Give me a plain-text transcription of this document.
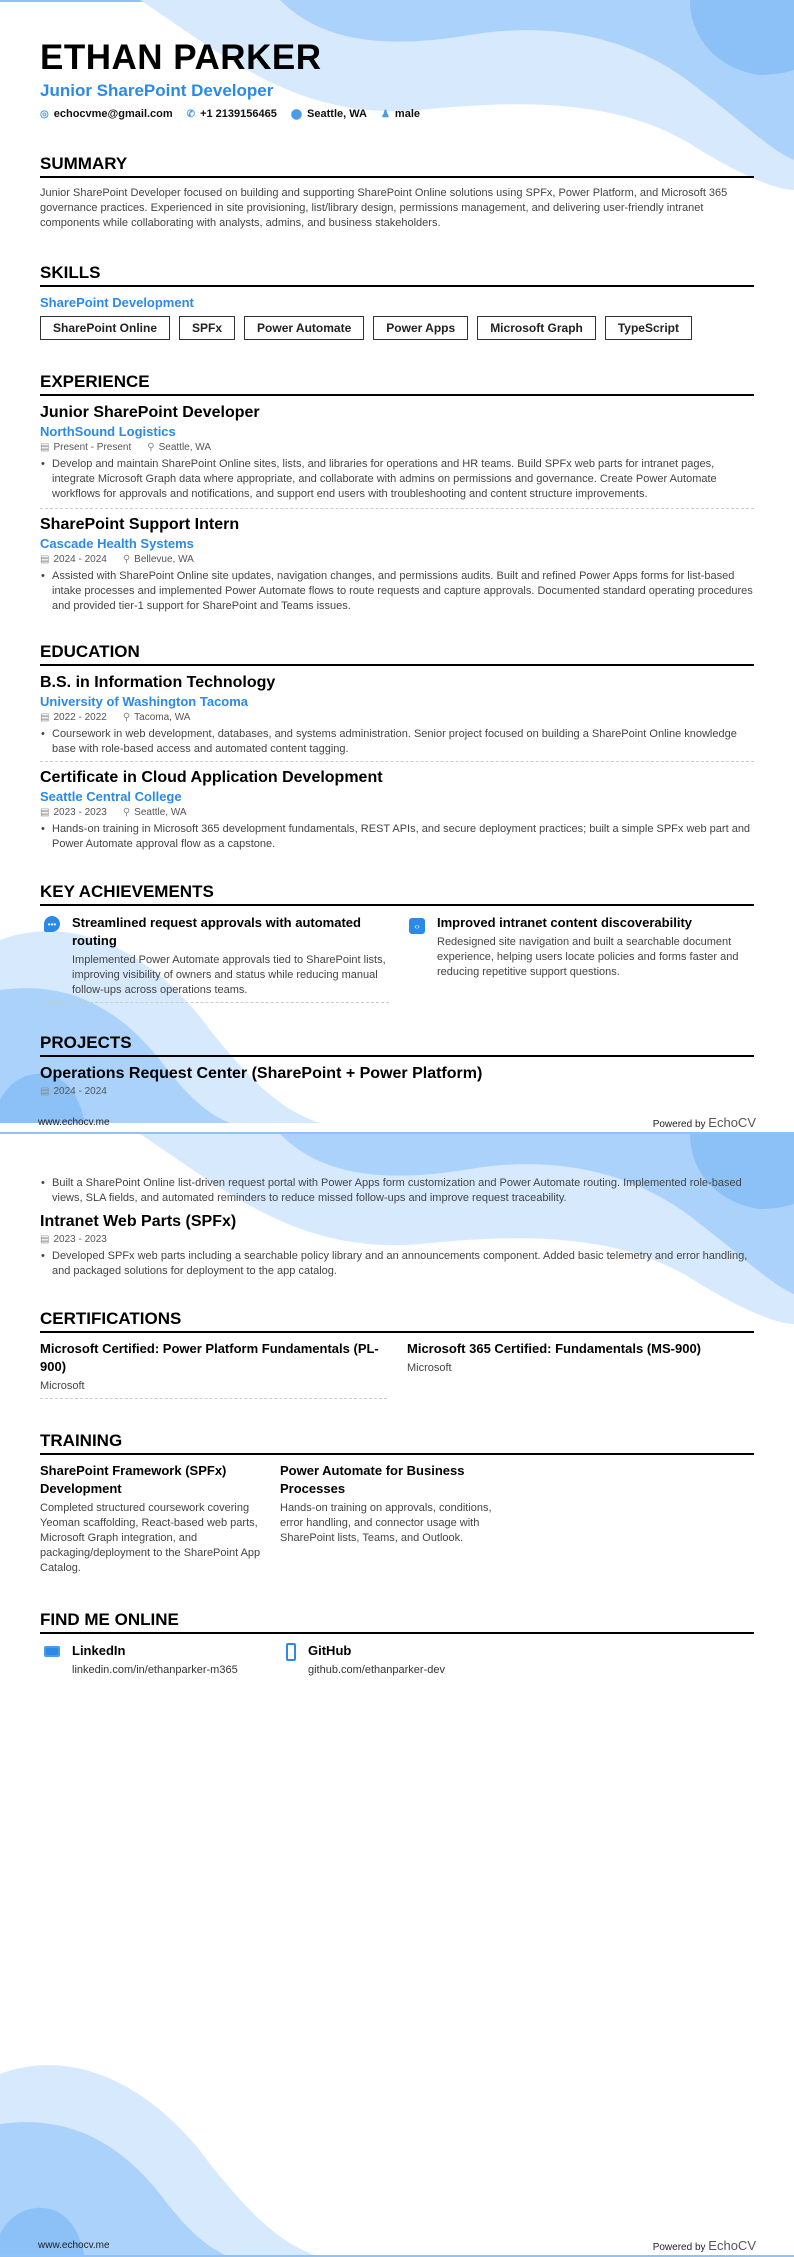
ETHAN PARKER
Junior SharePoint Developer
◎ echocvme@gmail.com ✆ +1 2139156465 ⬤ Seattle, WA ♟ male
SUMMARY
Junior SharePoint Developer focused on building and supporting SharePoint Online solutions using SPFx, Power Platform, and Microsoft 365 governance practices. Experienced in site provisioning, list/library design, permissions management, and delivering user-friendly intranet components while collaborating with analysts, admins, and business stakeholders.
SKILLS
SharePoint Development
SharePoint Online	SPFx	Power Automate	Power Apps	Microsoft Graph	TypeScript
EXPERIENCE
Junior SharePoint Developer
NorthSound Logistics
▤ Present - Present ⚲ Seattle, WA
• Develop and maintain SharePoint Online sites, lists, and libraries for operations and HR teams. Build SPFx web parts for intranet pages, integrate Microsoft Graph data where appropriate, and collaborate with admins on permissions and governance. Create Power Automate workflows for approvals and notifications, and support end users with troubleshooting and content structure improvements.
SharePoint Support Intern
Cascade Health Systems
▤ 2024 - 2024 ⚲ Bellevue, WA
• Assisted with SharePoint Online site updates, navigation changes, and permissions audits. Built and refined Power Apps forms for list-based intake processes and implemented Power Automate flows to route requests and capture approvals. Documented standard operating procedures and provided tier-1 support for SharePoint and Teams issues.
EDUCATION
B.S. in Information Technology
University of Washington Tacoma
▤ 2022 - 2022 ⚲ Tacoma, WA
• Coursework in web development, databases, and systems administration. Senior project focused on building a SharePoint Online knowledge base with role-based access and automated content tagging.
Certificate in Cloud Application Development
Seattle Central College
▤ 2023 - 2023 ⚲ Seattle, WA
• Hands-on training in Microsoft 365 development fundamentals, REST APIs, and secure deployment practices; built a simple SPFx web part and Power Automate approval flow as a capstone.
KEY ACHIEVEMENTS
••• Streamlined request approvals with automated routing
Implemented Power Automate approvals tied to SharePoint lists, improving visibility of owners and status while reducing manual follow-ups across operations teams.
‹›	Improved intranet content discoverability
Redesigned site navigation and built a searchable document experience, helping users locate policies and forms faster and reducing repetitive support questions.
PROJECTS
Operations Request Center (SharePoint + Power Platform)
▤ 2024 - 2024
www.echocv.me	Powered by EchoCV
• Built a SharePoint Online list-driven request portal with Power Apps form customization and Power Automate routing. Implemented role-based views, SLA fields, and automated reminders to reduce missed follow-ups and improve request traceability.
Intranet Web Parts (SPFx)
▤ 2023 - 2023
• Developed SPFx web parts including a searchable policy library and an announcements component. Added basic telemetry and error handling, and packaged solutions for deployment to the app catalog.
CERTIFICATIONS
Microsoft Certified: Power Platform Fundamentals (PL-900)
Microsoft
Microsoft 365 Certified: Fundamentals (MS-900)
Microsoft
TRAINING
SharePoint Framework (SPFx) Development
Completed structured coursework covering Yeoman scaffolding, React-based web parts, Microsoft Graph integration, and packaging/deployment to the SharePoint App Catalog.
Power Automate for Business Processes
Hands-on training on approvals, conditions, error handling, and connector usage with SharePoint lists, Teams, and Outlook.
FIND ME ONLINE
LinkedIn
linkedin.com/in/ethanparker-m365
GitHub
github.com/ethanparker-dev
www.echocv.me	Powered by EchoCV
